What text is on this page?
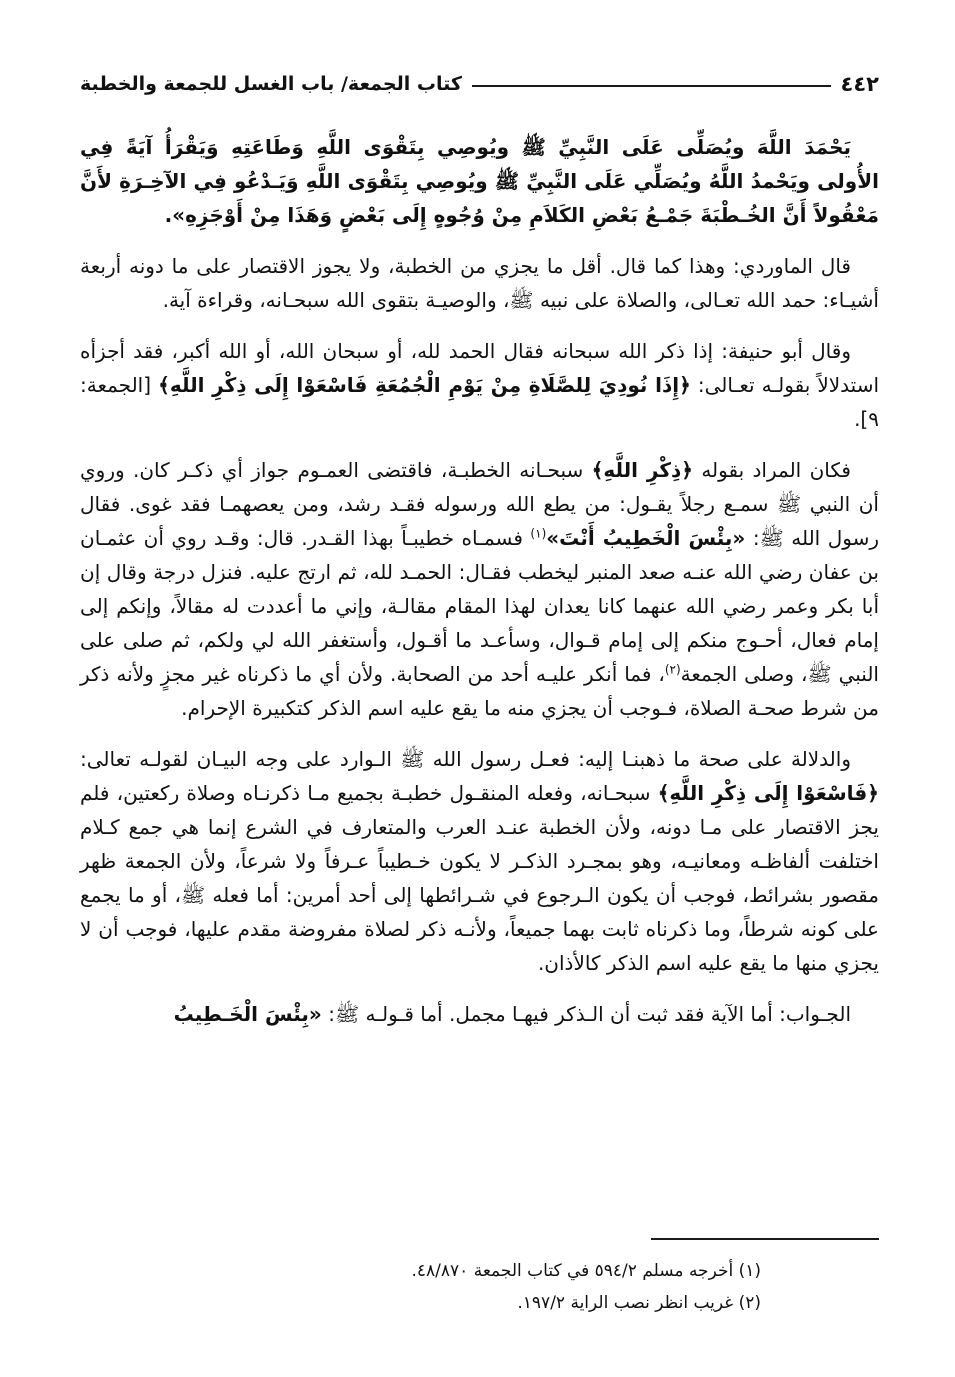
٤٤٢
كتاب الجمعة/ باب الغسل للجمعة والخطبة

يَحْمَدَ اللَّهَ ويُصَلِّى عَلَى النَّبِيِّ ﷺ ويُوصِي بِتَقْوَى اللَّهِ وَطَاعَتِهِ وَيَقْرَأُ آيَةً فِي الأُولى ويَحْمدُ اللَّهُ ويُصَلِّي عَلَى النَّبِيِّ ﷺ ويُوصِي بِتَقْوَى اللَّهِ وَيَـدْعُو فِي الآخِـرَةِ لأَنَّ مَعْقُولاً أَنَّ الخُـطْبَةَ جَمْـعُ بَعْضِ الكَلاَمِ مِنْ وُجُوهٍ إِلَى بَعْضٍ وَهَذَا مِنْ أَوْجَزِهِ».

قال الماوردي: وهذا كما قال. أقل ما يجزي من الخطبة، ولا يجوز الاقتصار على ما دونه أربعة أشيـاء: حمد الله تعـالى، والصلاة على نبيه ﷺ، والوصيـة بتقوى الله سبحـانه، وقراءة آية.

وقال أبو حنيفة: إذا ذكر الله سبحانه فقال الحمد لله، أو سبحان الله، أو الله أكبر، فقد أجزأه استدلالاً بقولـه تعـالى: ﴿إِذَا نُودِيَ لِلصَّلَاةِ مِنْ يَوْمِ الْجُمُعَةِ فَاسْعَوْا إِلَى ذِكْرِ اللَّهِ﴾ [الجمعة: ٩].

فكان المراد بقوله ﴿ذِكْرِ اللَّهِ﴾ سبحـانه الخطبـة، فاقتضى العمـوم جواز أي ذكـر كان. وروي أن النبي ﷺ سمـع رجلاً يقـول: من يطع الله ورسوله فقـد رشد، ومن يعصهمـا فقد غوى. فقال رسول الله ﷺ: «بِئْسَ الْخَطِيبُ أَنْتَ»$^{(١)}$ فسمـاه خطيبـاً بهذا القـدر. قال: وقـد روي أن عثمـان بن عفان رضي الله عنـه صعد المنبر ليخطب فقـال: الحمـد لله، ثم ارتج عليه. فنزل درجة وقال إن أبا بكر وعمر رضي الله عنهما كانا يعدان لهذا المقام مقالـة، وإني ما أعددت له مقالاً، وإنكم إلى إمام فعال، أحـوج منكم إلى إمام قـوال، وسأعـد ما أقـول، وأستغفر الله لي ولكم، ثم صلى على النبي ﷺ، وصلى الجمعة$^{(٢)}$، فما أنكر عليـه أحد من الصحابة. ولأن أي ما ذكرناه غير مجزٍ ولأنه ذكر من شرط صحـة الصلاة، فـوجب أن يجزي منه ما يقع عليه اسم الذكر كتكبيرة الإحرام.

والدلالة على صحة ما ذهبنـا إليه: فعـل رسول الله ﷺ الـوارد على وجه البيـان لقولـه تعالى: ﴿فَاسْعَوْا إِلَى ذِكْرِ اللَّهِ﴾ سبحـانه، وفعله المنقـول خطبـة بجميع مـا ذكرنـاه وصلاة ركعتين، فلم يجز الاقتصار على مـا دونه، ولأن الخطبة عنـد العرب والمتعارف في الشرع إنما هي جمع كـلام اختلفت ألفاظـه ومعانيـه، وهو بمجـرد الذكـر لا يكون خـطيباً عـرفاً ولا شرعاً، ولأن الجمعة ظهر مقصور بشرائط، فوجب أن يكون الـرجوع في شـرائطها إلى أحد أمرين: أما فعله ﷺ، أو ما يجمع على كونه شرطاً، وما ذكرناه ثابت بهما جميعاً، ولأنـه ذكر لصلاة مفروضة مقدم عليها، فوجب أن لا يجزي منها ما يقع عليه اسم الذكر كالأذان.

الجـواب: أما الآية فقد ثبت أن الـذكر فيهـا مجمل. أما قـولـه ﷺ: «بِئْسَ الْخَـطِيبُ

(١) أخرجه مسلم ٥٩٤/٢ في كتاب الجمعة ٤٨/٨٧٠.
(٢) غريب انظر نصب الراية ١٩٧/٢.
